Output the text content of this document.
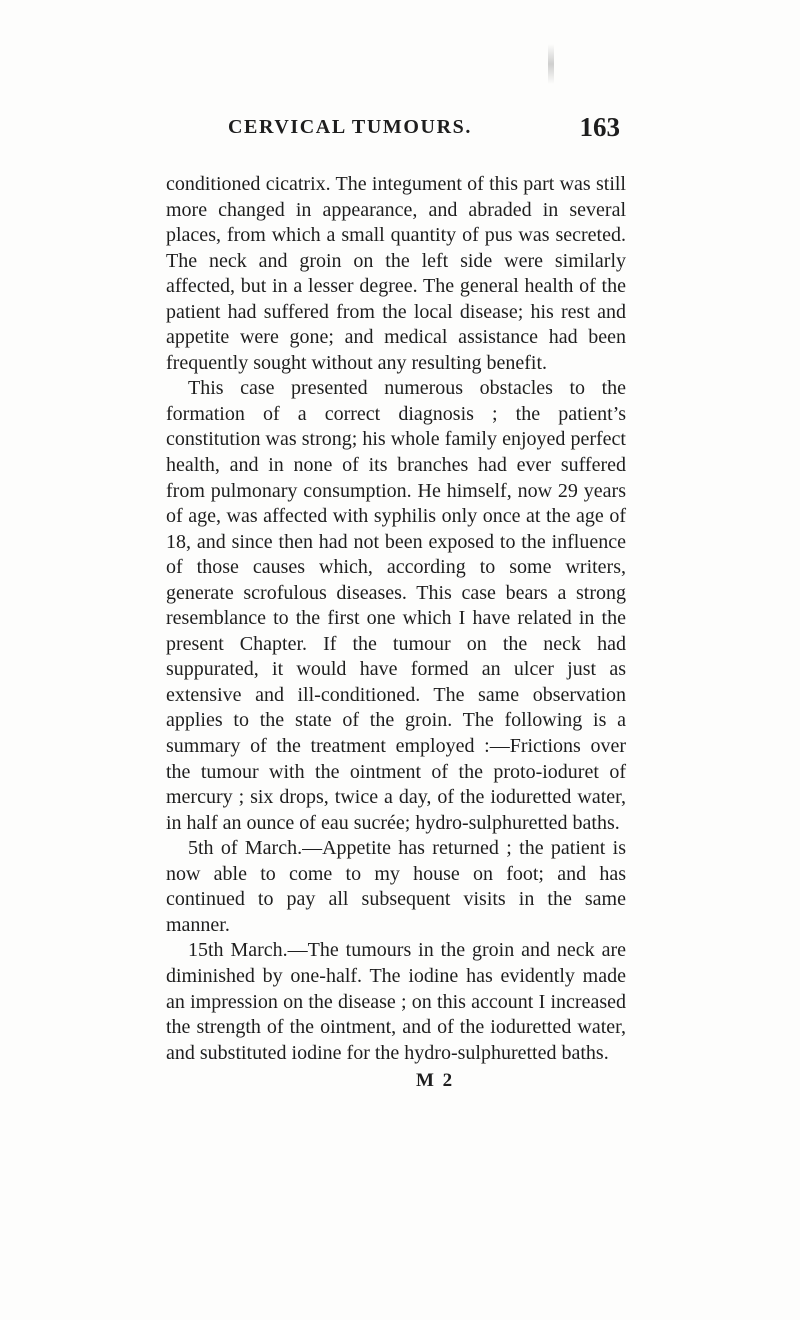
CERVICAL TUMOURS.	163

conditioned cicatrix. The integument of this part was still more changed in appearance, and abraded in several places, from which a small quantity of pus was secreted. The neck and groin on the left side were similarly affected, but in a lesser degree. The general health of the patient had suffered from the local disease; his rest and appetite were gone; and medical assistance had been frequently sought without any resulting benefit.

This case presented numerous obstacles to the formation of a correct diagnosis ; the patient’s constitution was strong; his whole family enjoyed perfect health, and in none of its branches had ever suffered from pulmonary consumption. He himself, now 29 years of age, was affected with syphilis only once at the age of 18, and since then had not been exposed to the influence of those causes which, according to some writers, generate scrofulous diseases. This case bears a strong resemblance to the first one which I have related in the present Chapter. If the tumour on the neck had suppurated, it would have formed an ulcer just as extensive and ill-conditioned. The same observation applies to the state of the groin. The following is a summary of the treatment employed :—Frictions over the tumour with the ointment of the proto-ioduret of mercury ; six drops, twice a day, of the ioduretted water, in half an ounce of eau sucrée; hydro-sulphuretted baths.

5th of March.—Appetite has returned ; the patient is now able to come to my house on foot; and has continued to pay all subsequent visits in the same manner.

15th March.—The tumours in the groin and neck are diminished by one-half. The iodine has evidently made an impression on the disease ; on this account I increased the strength of the ointment, and of the ioduretted water, and substituted iodine for the hydro-sulphuretted baths.

M 2
